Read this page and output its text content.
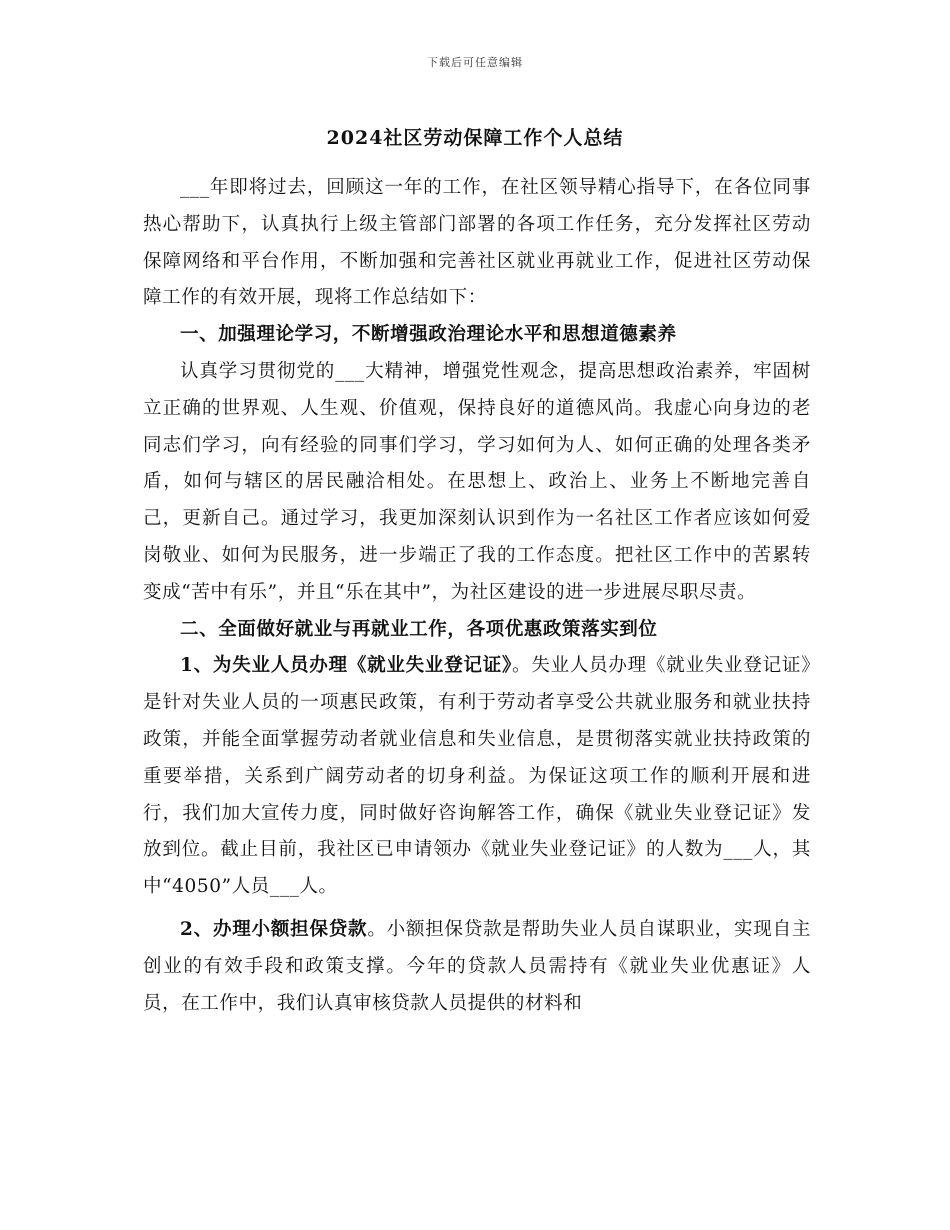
下载后可任意编辑
2024社区劳动保障工作个人总结

___年即将过去，回顾这一年的工作，在社区领导精心指导下，在各位同事热心帮助下，认真执行上级主管部门部署的各项工作任务，充分发挥社区劳动保障网络和平台作用，不断加强和完善社区就业再就业工作，促进社区劳动保障工作的有效开展，现将工作总结如下：

一、加强理论学习，不断增强政治理论水平和思想道德素养

认真学习贯彻党的___大精神，增强党性观念，提高思想政治素养，牢固树立正确的世界观、人生观、价值观，保持良好的道德风尚。我虚心向身边的老同志们学习，向有经验的同事们学习，学习如何为人、如何正确的处理各类矛盾，如何与辖区的居民融洽相处。在思想上、政治上、业务上不断地完善自己，更新自己。通过学习，我更加深刻认识到作为一名社区工作者应该如何爱岗敬业、如何为民服务，进一步端正了我的工作态度。把社区工作中的苦累转变成“苦中有乐”，并且“乐在其中”，为社区建设的进一步进展尽职尽责。

二、全面做好就业与再就业工作，各项优惠政策落实到位

1、为失业人员办理《就业失业登记证》。失业人员办理《就业失业登记证》是针对失业人员的一项惠民政策，有利于劳动者享受公共就业服务和就业扶持政策，并能全面掌握劳动者就业信息和失业信息，是贯彻落实就业扶持政策的重要举措，关系到广阔劳动者的切身利益。为保证这项工作的顺利开展和进行，我们加大宣传力度，同时做好咨询解答工作，确保《就业失业登记证》发放到位。截止目前，我社区已申请领办《就业失业登记证》的人数为___人，其中“4050”人员___人。

2、办理小额担保贷款。小额担保贷款是帮助失业人员自谋职业，实现自主创业的有效手段和政策支撑。今年的贷款人员需持有《就业失业优惠证》人员，在工作中，我们认真审核贷款人员提供的材料和
